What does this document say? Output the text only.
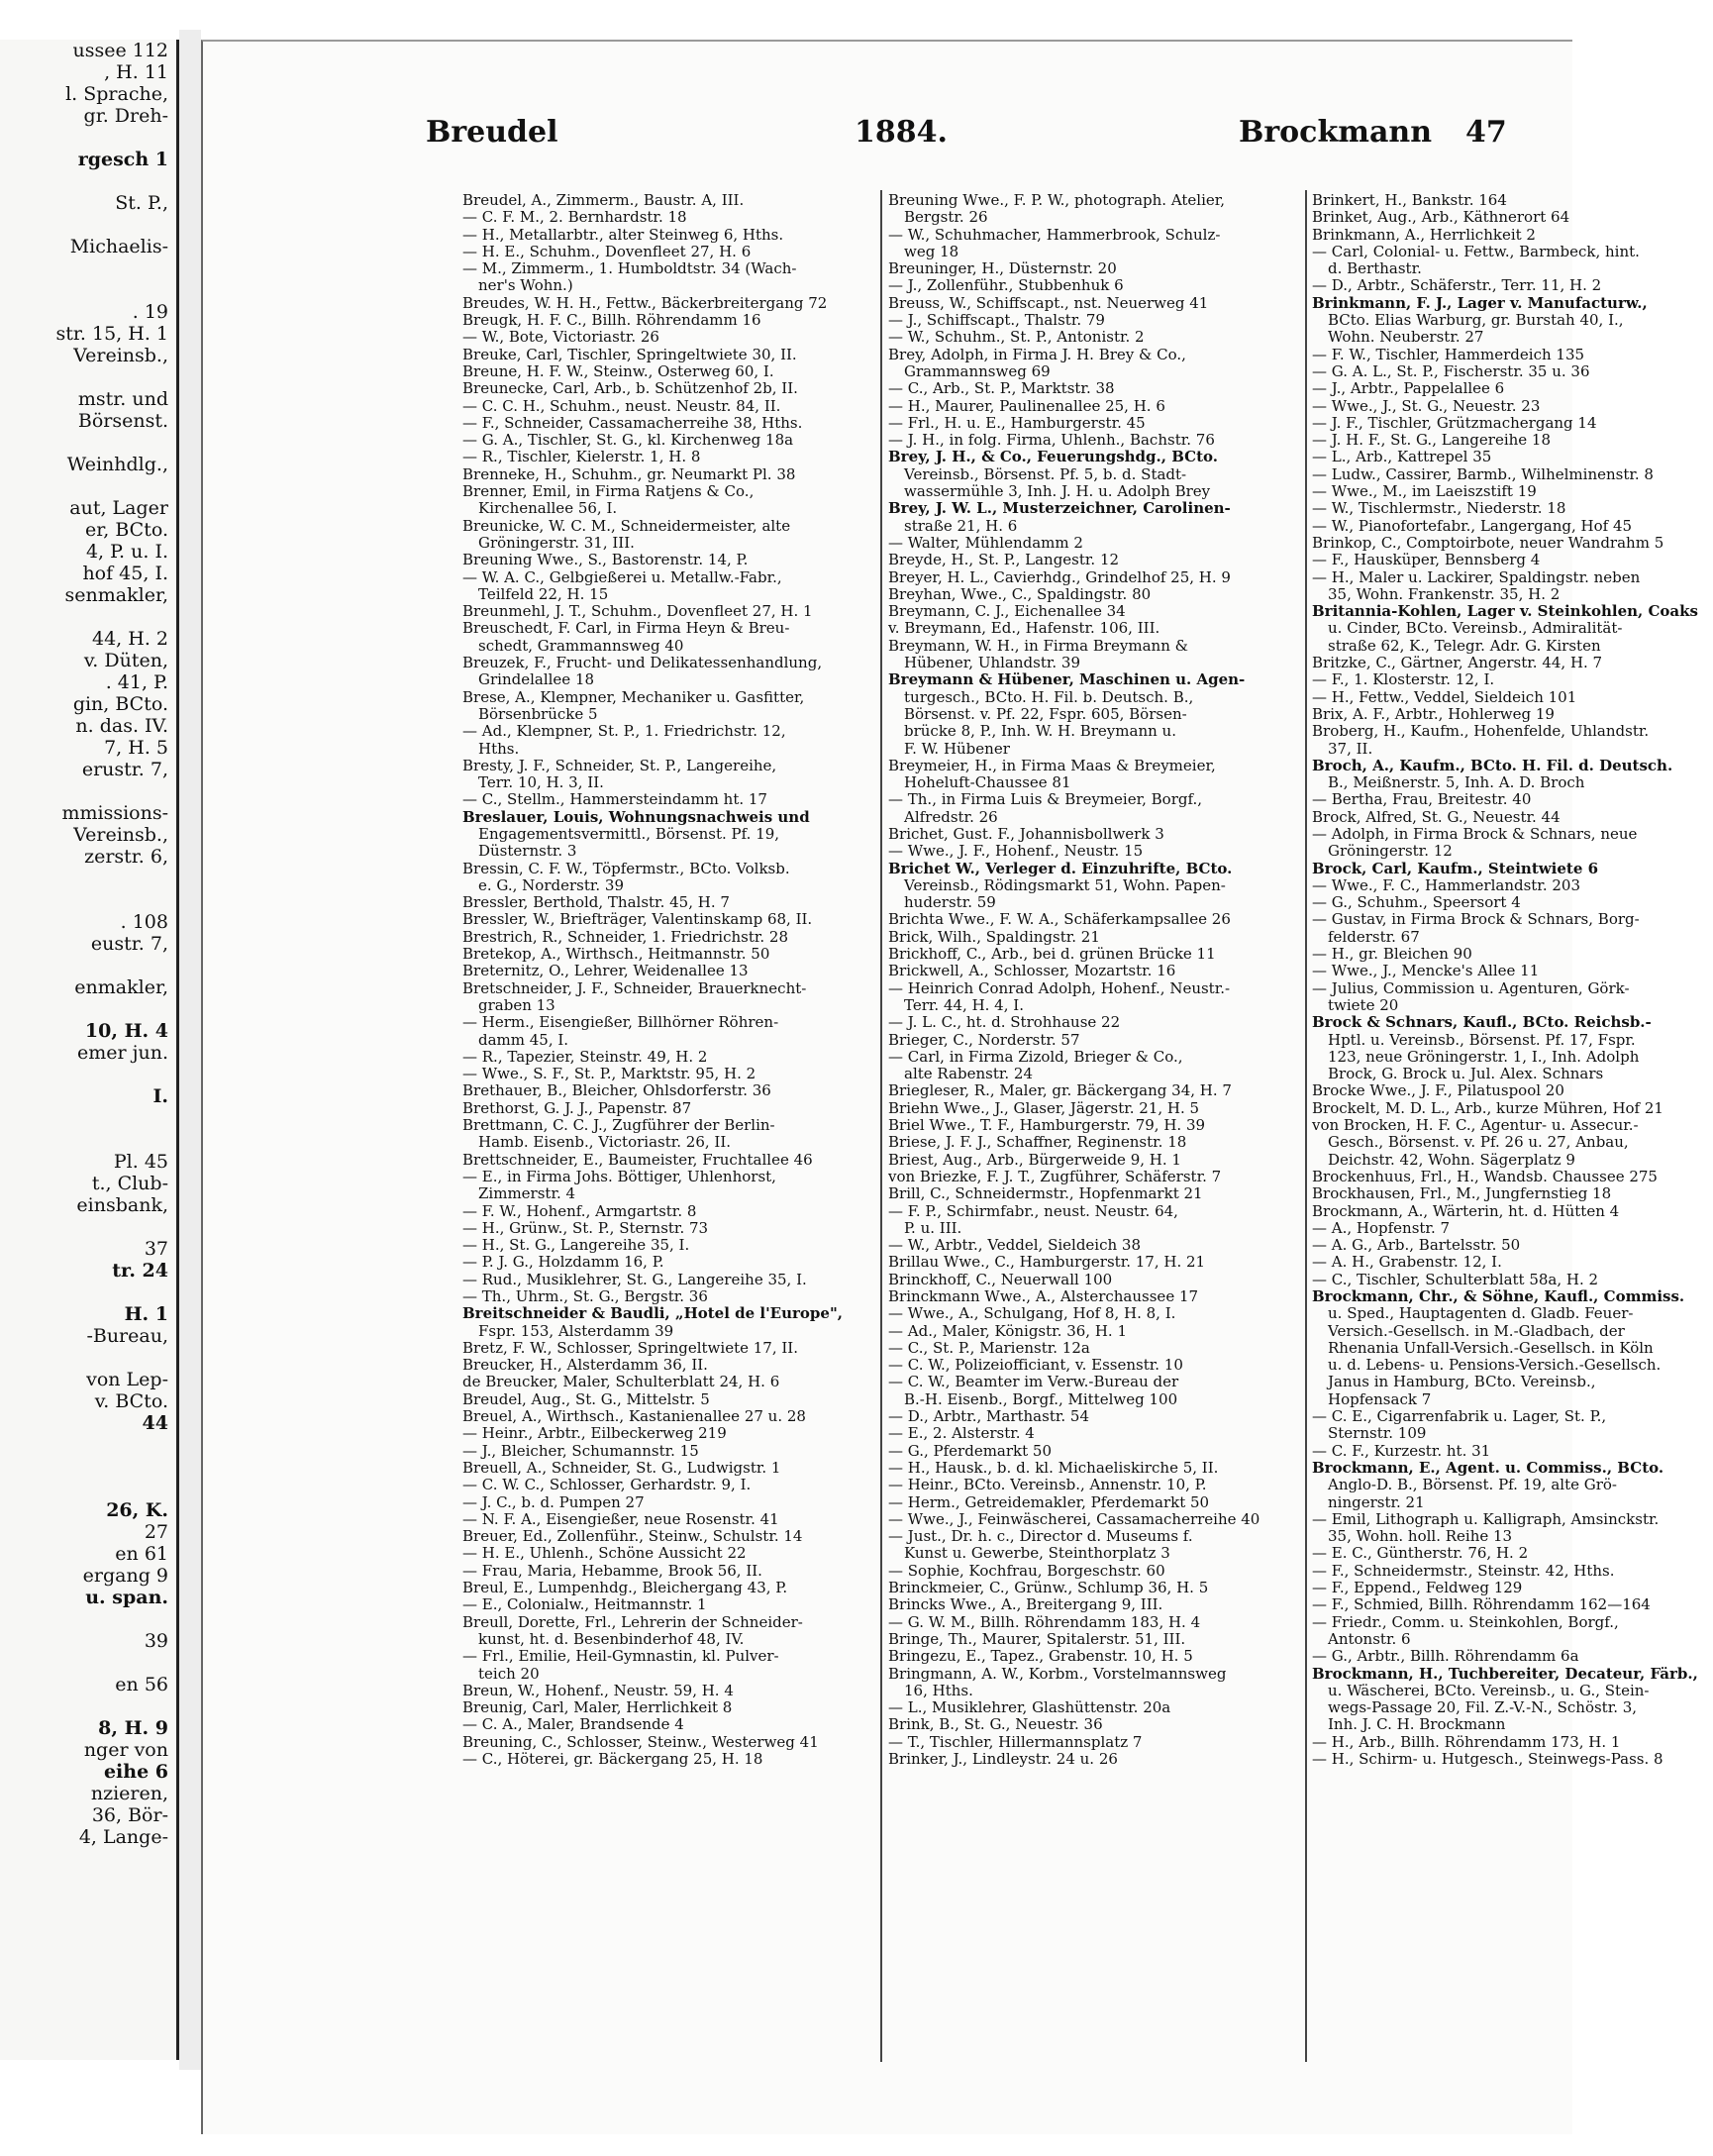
ussee 112
, H. 11
l. Sprache,
gr. Dreh-

rgesch 1

St. P.,

Michaelis-

. 19
str. 15, H. 1
Vereinsb.,

mstr. und
Börsenst.

Weinhdlg.,

aut, Lager
er, BCto.
4, P. u. I.
hof 45, I.
senmakler,

44, H. 2
v. Düten,
. 41, P.
gin, BCto.
n. das. IV.
7, H. 5
erustr. 7,

mmissions-
Vereinsb.,
zerstr. 6,

. 108
eustr. 7,

enmakler,

10, H. 4
emer jun.

I.

Pl. 45
t., Club-
einsbank,

37
tr. 24

H. 1
-Bureau,

von Lep-
v. BCto.
44

26, K.
27
en 61
ergang 9
u. span.

39

en 56

8, H. 9
nger von
eihe 6
nzieren,
36, Bör-
4, Lange-

Breudel	1884.	Brockmann 47
Breudel, A., Zimmerm., Baustr. A, III.
— C. F. M., 2. Bernhardstr. 18
— H., Metallarbtr., alter Steinweg 6, Hths.
— H. E., Schuhm., Dovenfleet 27, H. 6
— M., Zimmerm., 1. Humboldtstr. 34 (Wach-
ner's Wohn.)
Breudes, W. H. H., Fettw., Bäckerbreitergang 72
Breugk, H. F. C., Billh. Röhrendamm 16
— W., Bote, Victoriastr. 26
Breuke, Carl, Tischler, Springeltwiete 30, II.
Breune, H. F. W., Steinw., Osterweg 60, I.
Breunecke, Carl, Arb., b. Schützenhof 2b, II.
— C. C. H., Schuhm., neust. Neustr. 84, II.
— F., Schneider, Cassamacherreihe 38, Hths.
— G. A., Tischler, St. G., kl. Kirchenweg 18a
— R., Tischler, Kielerstr. 1, H. 8
Brenneke, H., Schuhm., gr. Neumarkt Pl. 38
Brenner, Emil, in Firma Ratjens & Co.,
Kirchenallee 56, I.
Breunicke, W. C. M., Schneidermeister, alte
Gröningerstr. 31, III.
Breuning Wwe., S., Bastorenstr. 14, P.
— W. A. C., Gelbgießerei u. Metallw.-Fabr.,
Teilfeld 22, H. 15
Breunmehl, J. T., Schuhm., Dovenfleet 27, H. 1
Breuschedt, F. Carl, in Firma Heyn & Breu-
schedt, Grammannsweg 40
Breuzek, F., Frucht- und Delikatessenhandlung,
Grindelallee 18
Brese, A., Klempner, Mechaniker u. Gasfitter,
Börsenbrücke 5
— Ad., Klempner, St. P., 1. Friedrichstr. 12,
Hths.
Bresty, J. F., Schneider, St. P., Langereihe,
Terr. 10, H. 3, II.
— C., Stellm., Hammersteindamm ht. 17
Breslauer, Louis, Wohnungsnachweis und
Engagementsvermittl., Börsenst. Pf. 19,
Düsternstr. 3
Bressin, C. F. W., Töpfermstr., BCto. Volksb.
e. G., Norderstr. 39
Bressler, Berthold, Thalstr. 45, H. 7
Bressler, W., Briefträger, Valentinskamp 68, II.
Brestrich, R., Schneider, 1. Friedrichstr. 28
Bretekop, A., Wirthsch., Heitmannstr. 50
Breternitz, O., Lehrer, Weidenallee 13
Bretschneider, J. F., Schneider, Brauerknecht-
graben 13
— Herm., Eisengießer, Billhörner Röhren-
damm 45, I.
— R., Tapezier, Steinstr. 49, H. 2
— Wwe., S. F., St. P., Marktstr. 95, H. 2
Brethauer, B., Bleicher, Ohlsdorferstr. 36
Brethorst, G. J. J., Papenstr. 87
Brettmann, C. C. J., Zugführer der Berlin-
Hamb. Eisenb., Victoriastr. 26, II.
Brettschneider, E., Baumeister, Fruchtallee 46
— E., in Firma Johs. Böttiger, Uhlenhorst,
Zimmerstr. 4
— F. W., Hohenf., Armgartstr. 8
— H., Grünw., St. P., Sternstr. 73
— H., St. G., Langereihe 35, I.
— P. J. G., Holzdamm 16, P.
— Rud., Musiklehrer, St. G., Langereihe 35, I.
— Th., Uhrm., St. G., Bergstr. 36
Breitschneider & Baudli, „Hotel de l'Europe",
Fspr. 153, Alsterdamm 39
Bretz, F. W., Schlosser, Springeltwiete 17, II.
Breucker, H., Alsterdamm 36, II.
de Breucker, Maler, Schulterblatt 24, H. 6
Breudel, Aug., St. G., Mittelstr. 5
Breuel, A., Wirthsch., Kastanienallee 27 u. 28
— Heinr., Arbtr., Eilbeckerweg 219
— J., Bleicher, Schumannstr. 15
Breuell, A., Schneider, St. G., Ludwigstr. 1
— C. W. C., Schlosser, Gerhardstr. 9, I.
— J. C., b. d. Pumpen 27
— N. F. A., Eisengießer, neue Rosenstr. 41
Breuer, Ed., Zollenführ., Steinw., Schulstr. 14
— H. E., Uhlenh., Schöne Aussicht 22
— Frau, Maria, Hebamme, Brook 56, II.
Breul, E., Lumpenhdg., Bleichergang 43, P.
— E., Colonialw., Heitmannstr. 1
Breull, Dorette, Frl., Lehrerin der Schneider-
kunst, ht. d. Besenbinderhof 48, IV.
— Frl., Emilie, Heil-Gymnastin, kl. Pulver-
teich 20
Breun, W., Hohenf., Neustr. 59, H. 4
Breunig, Carl, Maler, Herrlichkeit 8
— C. A., Maler, Brandsende 4
Breuning, C., Schlosser, Steinw., Westerweg 41
— C., Höterei, gr. Bäckergang 25, H. 18
Breuning Wwe., F. P. W., photograph. Atelier,
Bergstr. 26
— W., Schuhmacher, Hammerbrook, Schulz-
weg 18
Breuninger, H., Düsternstr. 20
— J., Zollenführ., Stubbenhuk 6
Breuss, W., Schiffscapt., nst. Neuerweg 41
— J., Schiffscapt., Thalstr. 79
— W., Schuhm., St. P., Antonistr. 2
Brey, Adolph, in Firma J. H. Brey & Co.,
Grammannsweg 69
— C., Arb., St. P., Marktstr. 38
— H., Maurer, Paulinenallee 25, H. 6
— Frl., H. u. E., Hamburgerstr. 45
— J. H., in folg. Firma, Uhlenh., Bachstr. 76
Brey, J. H., & Co., Feuerungshdg., BCto.
Vereinsb., Börsenst. Pf. 5, b. d. Stadt-
wassermühle 3, Inh. J. H. u. Adolph Brey
Brey, J. W. L., Musterzeichner, Carolinen-
straße 21, H. 6
— Walter, Mühlendamm 2
Breyde, H., St. P., Langestr. 12
Breyer, H. L., Cavierhdg., Grindelhof 25, H. 9
Breyhan, Wwe., C., Spaldingstr. 80
Breymann, C. J., Eichenallee 34
v. Breymann, Ed., Hafenstr. 106, III.
Breymann, W. H., in Firma Breymann &
Hübener, Uhlandstr. 39
Breymann & Hübener, Maschinen u. Agen-
turgesch., BCto. H. Fil. b. Deutsch. B.,
Börsenst. v. Pf. 22, Fspr. 605, Börsen-
brücke 8, P., Inh. W. H. Breymann u.
F. W. Hübener
Breymeier, H., in Firma Maas & Breymeier,
Hoheluft-Chaussee 81
— Th., in Firma Luis & Breymeier, Borgf.,
Alfredstr. 26
Brichet, Gust. F., Johannisbollwerk 3
— Wwe., J. F., Hohenf., Neustr. 15
Brichet W., Verleger d. Einzuhrifte, BCto.
Vereinsb., Rödingsmarkt 51, Wohn. Papen-
huderstr. 59
Brichta Wwe., F. W. A., Schäferkampsallee 26
Brick, Wilh., Spaldingstr. 21
Brickhoff, C., Arb., bei d. grünen Brücke 11
Brickwell, A., Schlosser, Mozartstr. 16
— Heinrich Conrad Adolph, Hohenf., Neustr.-
Terr. 44, H. 4, I.
— J. L. C., ht. d. Strohhause 22
Brieger, C., Norderstr. 57
— Carl, in Firma Zizold, Brieger & Co.,
alte Rabenstr. 24
Briegleser, R., Maler, gr. Bäckergang 34, H. 7
Briehn Wwe., J., Glaser, Jägerstr. 21, H. 5
Briel Wwe., T. F., Hamburgerstr. 79, H. 39
Briese, J. F. J., Schaffner, Reginenstr. 18
Briest, Aug., Arb., Bürgerweide 9, H. 1
von Briezke, F. J. T., Zugführer, Schäferstr. 7
Brill, C., Schneidermstr., Hopfenmarkt 21
— F. P., Schirmfabr., neust. Neustr. 64,
P. u. III.
— W., Arbtr., Veddel, Sieldeich 38
Brillau Wwe., C., Hamburgerstr. 17, H. 21
Brinckhoff, C., Neuerwall 100
Brinckmann Wwe., A., Alsterchaussee 17
— Wwe., A., Schulgang, Hof 8, H. 8, I.
— Ad., Maler, Königstr. 36, H. 1
— C., St. P., Marienstr. 12a
— C. W., Polizeiofficiant, v. Essenstr. 10
— C. W., Beamter im Verw.-Bureau der
B.-H. Eisenb., Borgf., Mittelweg 100
— D., Arbtr., Marthastr. 54
— E., 2. Alsterstr. 4
— G., Pferdemarkt 50
— H., Hausk., b. d. kl. Michaeliskirche 5, II.
— Heinr., BCto. Vereinsb., Annenstr. 10, P.
— Herm., Getreidemakler, Pferdemarkt 50
— Wwe., J., Feinwäscherei, Cassamacherreihe 40
— Just., Dr. h. c., Director d. Museums f.
Kunst u. Gewerbe, Steinthorplatz 3
— Sophie, Kochfrau, Borgeschstr. 60
Brinckmeier, C., Grünw., Schlump 36, H. 5
Brincks Wwe., A., Breitergang 9, III.
— G. W. M., Billh. Röhrendamm 183, H. 4
Bringe, Th., Maurer, Spitalerstr. 51, III.
Bringezu, E., Tapez., Grabenstr. 10, H. 5
Bringmann, A. W., Korbm., Vorstelmannsweg
16, Hths.
— L., Musiklehrer, Glashüttenstr. 20a
Brink, B., St. G., Neuestr. 36
— T., Tischler, Hillermannsplatz 7
Brinker, J., Lindleystr. 24 u. 26
Brinkert, H., Bankstr. 164
Brinket, Aug., Arb., Käthnerort 64
Brinkmann, A., Herrlichkeit 2
— Carl, Colonial- u. Fettw., Barmbeck, hint.
d. Berthastr.
— D., Arbtr., Schäferstr., Terr. 11, H. 2
Brinkmann, F. J., Lager v. Manufacturw.,
BCto. Elias Warburg, gr. Burstah 40, I.,
Wohn. Neuberstr. 27
— F. W., Tischler, Hammerdeich 135
— G. A. L., St. P., Fischerstr. 35 u. 36
— J., Arbtr., Pappelallee 6
— Wwe., J., St. G., Neuestr. 23
— J. F., Tischler, Grützmachergang 14
— J. H. F., St. G., Langereihe 18
— L., Arb., Kattrepel 35
— Ludw., Cassirer, Barmb., Wilhelminenstr. 8
— Wwe., M., im Laeiszstift 19
— W., Tischlermstr., Niederstr. 18
— W., Pianofortefabr., Langergang, Hof 45
Brinkop, C., Comptoirbote, neuer Wandrahm 5
— F., Hausküper, Bennsberg 4
— H., Maler u. Lackirer, Spaldingstr. neben
35, Wohn. Frankenstr. 35, H. 2
Britannia-Kohlen, Lager v. Steinkohlen, Coaks
u. Cinder, BCto. Vereinsb., Admiralität-
straße 62, K., Telegr. Adr. G. Kirsten
Britzke, C., Gärtner, Angerstr. 44, H. 7
— F., 1. Klosterstr. 12, I.
— H., Fettw., Veddel, Sieldeich 101
Brix, A. F., Arbtr., Hohlerweg 19
Broberg, H., Kaufm., Hohenfelde, Uhlandstr.
37, II.
Broch, A., Kaufm., BCto. H. Fil. d. Deutsch.
B., Meißnerstr. 5, Inh. A. D. Broch
— Bertha, Frau, Breitestr. 40
Brock, Alfred, St. G., Neuestr. 44
— Adolph, in Firma Brock & Schnars, neue
Gröningerstr. 12
Brock, Carl, Kaufm., Steintwiete 6
— Wwe., F. C., Hammerlandstr. 203
— G., Schuhm., Speersort 4
— Gustav, in Firma Brock & Schnars, Borg-
felderstr. 67
— H., gr. Bleichen 90
— Wwe., J., Mencke's Allee 11
— Julius, Commission u. Agenturen, Görk-
twiete 20
Brock & Schnars, Kaufl., BCto. Reichsb.-
Hptl. u. Vereinsb., Börsenst. Pf. 17, Fspr.
123, neue Gröningerstr. 1, I., Inh. Adolph
Brock, G. Brock u. Jul. Alex. Schnars
Brocke Wwe., J. F., Pilatuspool 20
Brockelt, M. D. L., Arb., kurze Mühren, Hof 21
von Brocken, H. F. C., Agentur- u. Assecur.-
Gesch., Börsenst. v. Pf. 26 u. 27, Anbau,
Deichstr. 42, Wohn. Sägerplatz 9
Brockenhuus, Frl., H., Wandsb. Chaussee 275
Brockhausen, Frl., M., Jungfernstieg 18
Brockmann, A., Wärterin, ht. d. Hütten 4
— A., Hopfenstr. 7
— A. G., Arb., Bartelsstr. 50
— A. H., Grabenstr. 12, I.
— C., Tischler, Schulterblatt 58a, H. 2
Brockmann, Chr., & Söhne, Kaufl., Commiss.
u. Sped., Hauptagenten d. Gladb. Feuer-
Versich.-Gesellsch. in M.-Gladbach, der
Rhenania Unfall-Versich.-Gesellsch. in Köln
u. d. Lebens- u. Pensions-Versich.-Gesellsch.
Janus in Hamburg, BCto. Vereinsb.,
Hopfensack 7
— C. E., Cigarrenfabrik u. Lager, St. P.,
Sternstr. 109
— C. F., Kurzestr. ht. 31
Brockmann, E., Agent. u. Commiss., BCto.
Anglo-D. B., Börsenst. Pf. 19, alte Grö-
ningerstr. 21
— Emil, Lithograph u. Kalligraph, Amsinckstr.
35, Wohn. holl. Reihe 13
— E. C., Güntherstr. 76, H. 2
— F., Schneidermstr., Steinstr. 42, Hths.
— F., Eppend., Feldweg 129
— F., Schmied, Billh. Röhrendamm 162—164
— Friedr., Comm. u. Steinkohlen, Borgf.,
Antonstr. 6
— G., Arbtr., Billh. Röhrendamm 6a
Brockmann, H., Tuchbereiter, Decateur, Färb.,
u. Wäscherei, BCto. Vereinsb., u. G., Stein-
wegs-Passage 20, Fil. Z.-V.-N., Schöstr. 3,
Inh. J. C. H. Brockmann
— H., Arb., Billh. Röhrendamm 173, H. 1
— H., Schirm- u. Hutgesch., Steinwegs-Pass. 8
